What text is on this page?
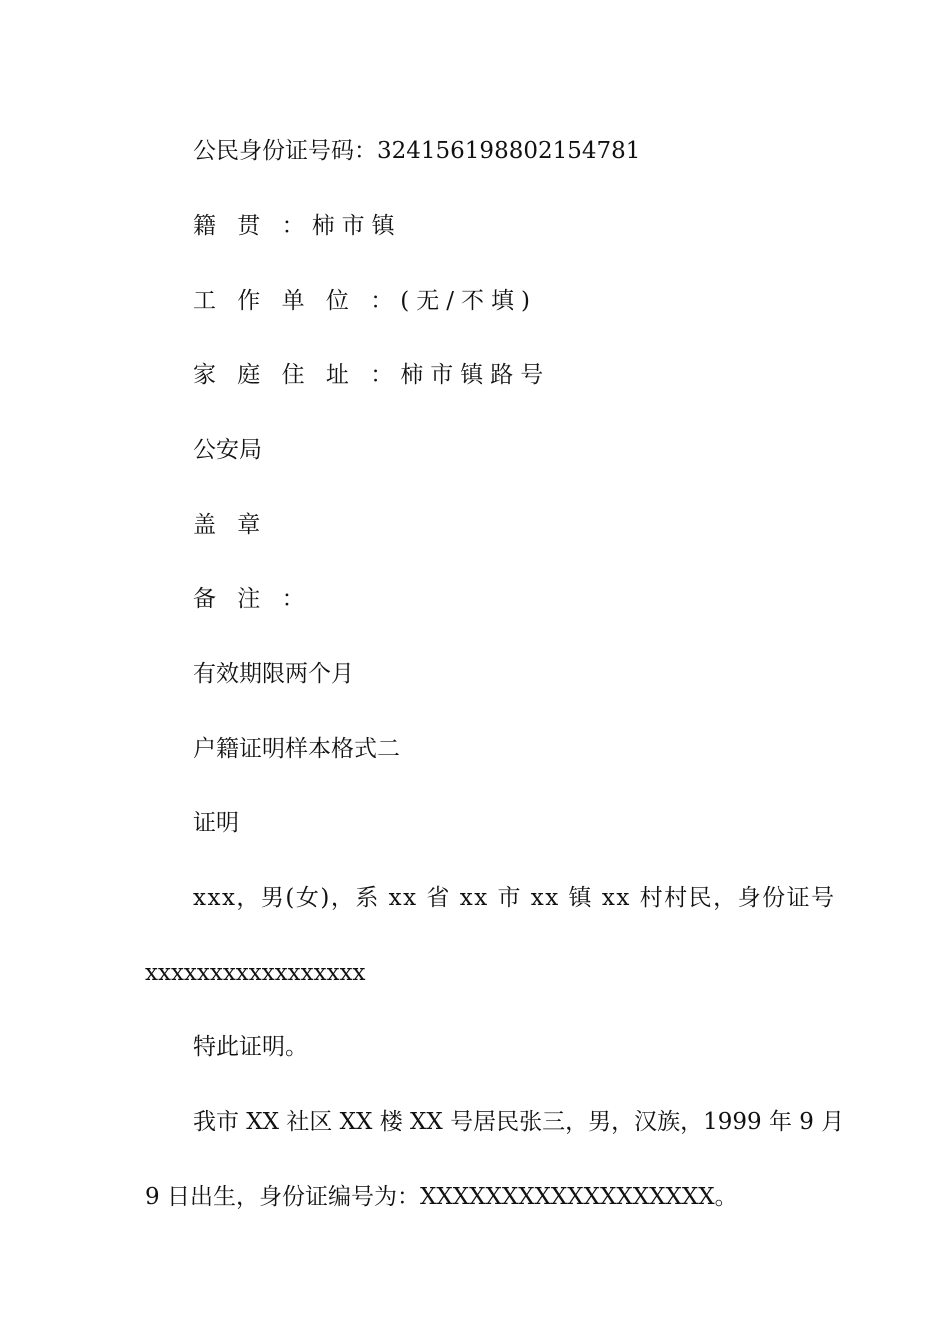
公民身份证号码：324156198802154781
籍 贯 ：柿市镇
工 作 单 位 ：(无/不填)
家 庭 住 址 ：柿市镇路号
公安局
盖 章
备 注 ：
有效期限两个月
户籍证明样本格式二
证明
xxx，男(女)，系 xx 省 xx 市 xx 镇 xx 村村民，身份证号
xxxxxxxxxxxxxxxxx
特此证明。
我市 XX 社区 XX 楼 XX 号居民张三，男，汉族，1999 年 9 月
9 日出生，身份证编号为：XXXXXXXXXXXXXXXXXX。
